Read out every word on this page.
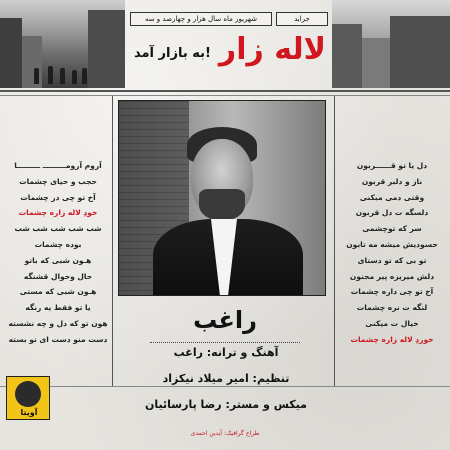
جراید
شهریور ماه سال هزار و چهارصد و سه
به بازار آمد! لاله زار
آروم آرومـــــــــ ـــــــــا
حجب و حیای چشمات
آخ تو چی در چشمات
خودِ لاله زاره چشمات
شب شب شب شب شب
بوده چشمات
هـون شبی که باتو
حال وحوال قشنگه
هـون شبی که مستی
یا تو فقط یه رنگه
هون تو که دل و چه نشسته
دست منو دست ای تو بسته
دل یا تو قــــــربون
ناز و دلبر قربون
وقتی دمی مبکنی
دلسگه ت دل قربون
سر که توچشمی
حسودیش میشه مه تابون
تو بی که تو دستای
دلش میریزه پیر مجنون
آخ تو چی داره چشمات
لنگه ت نره چشمات
خیال ت میکنی
خوردِ لاله زاره چشمات
راغب
آهنگ و ترانه: راغب
تنظیم: امیر میلاد نیکزاد
میکس و مستر: رضا پارسائیان
طراح گرافیک: آیدین احمدی
آویتا
